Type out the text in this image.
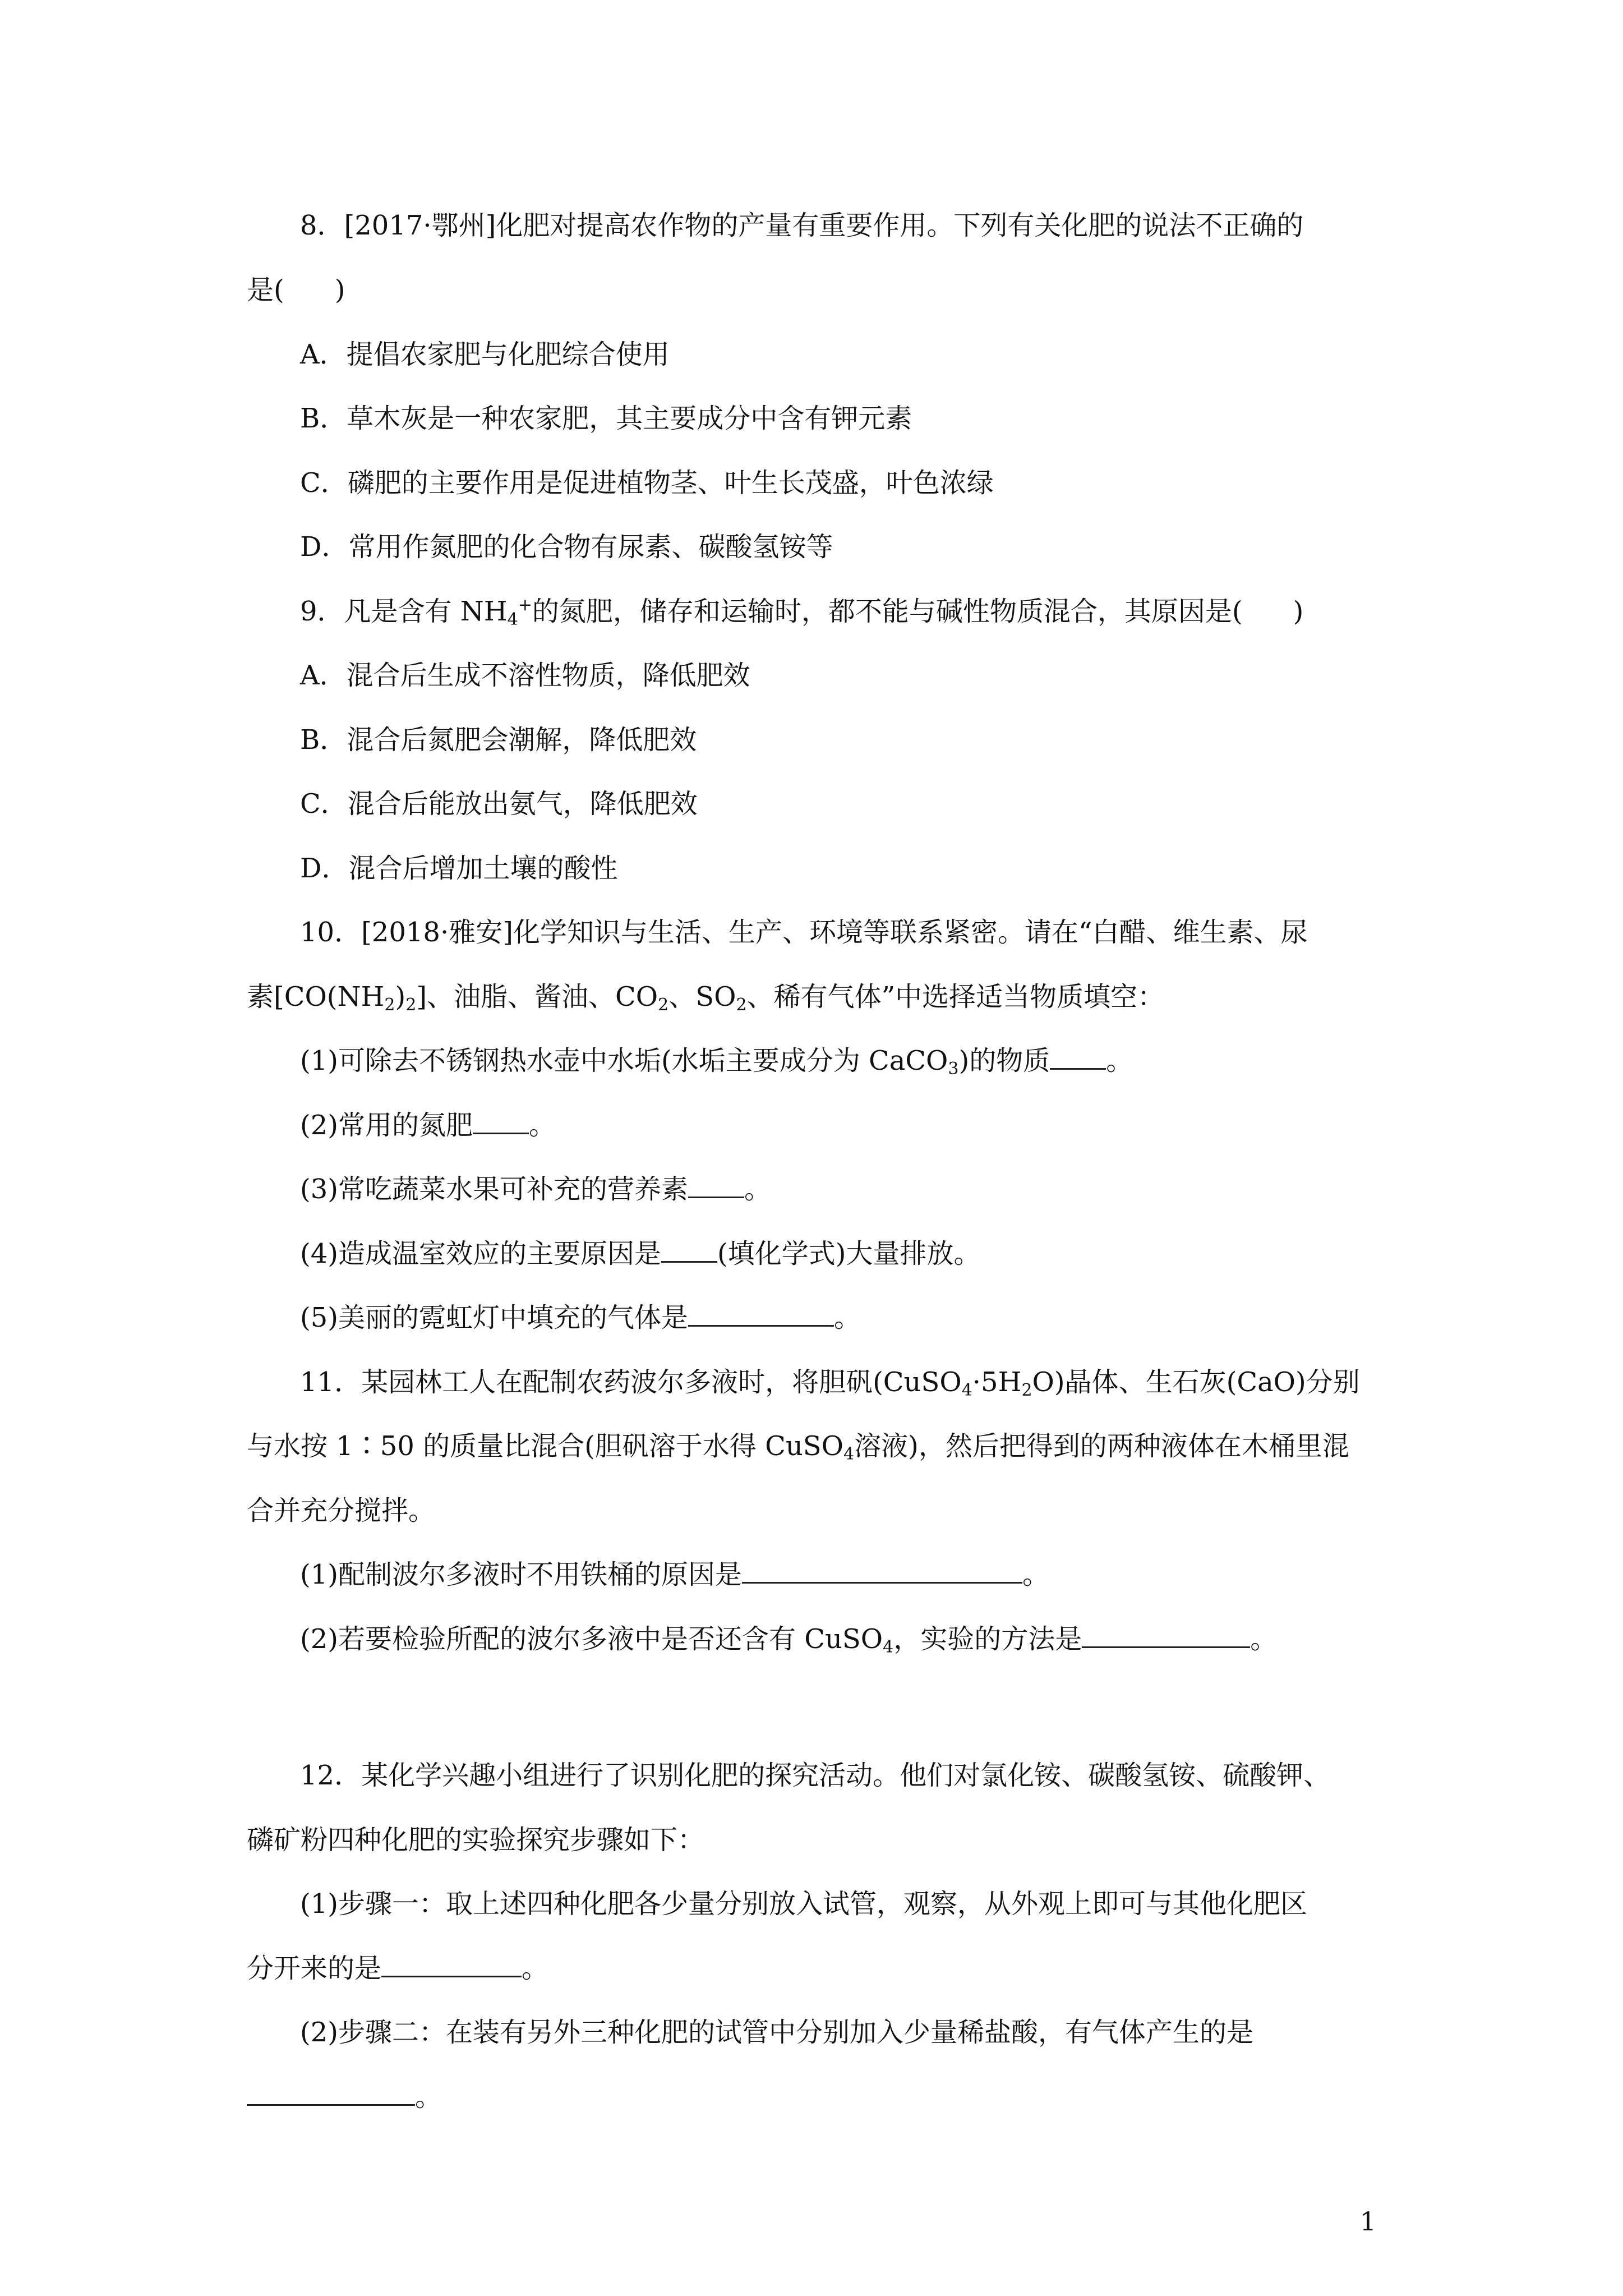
8．[2017·鄂州]化肥对提高农作物的产量有重要作用。下列有关化肥的说法不正确的
是( )
A．提倡农家肥与化肥综合使用
B．草木灰是一种农家肥，其主要成分中含有钾元素
C．磷肥的主要作用是促进植物茎、叶生长茂盛，叶色浓绿
D．常用作氮肥的化合物有尿素、碳酸氢铵等
9．凡是含有 $NH_4^+$的氮肥，储存和运输时，都不能与碱性物质混合，其原因是( )
A．混合后生成不溶性物质，降低肥效
B．混合后氮肥会潮解，降低肥效
C．混合后能放出氨气，降低肥效
D．混合后增加土壤的酸性
10．[2018·雅安]化学知识与生活、生产、环境等联系紧密。请在“白醋、维生素、尿
素$[CO(NH_2)_2]$、油脂、酱油、$CO_2$、$SO_2$、稀有气体”中选择适当物质填空：
(1)可除去不锈钢热水壶中水垢(水垢主要成分为 CaCO$_3$)的物质 。
(2)常用的氮肥 。
(3)常吃蔬菜水果可补充的营养素 。
(4)造成温室效应的主要原因是 (填化学式)大量排放。
(5)美丽的霓虹灯中填充的气体是	。
11．某园林工人在配制农药波尔多液时，将胆矾$(CuSO_4\cdot 5H_2O)$晶体、生石灰(CaO)分别
与水按 1∶50 的质量比混合(胆矾溶于水得 CuSO$_4$溶液)，然后把得到的两种液体在木桶里混
合并充分搅拌。
(1)配制波尔多液时不用铁桶的原因是	。
(2)若要检验所配的波尔多液中是否还含有 CuSO$_4$，实验的方法是	。
12．某化学兴趣小组进行了识别化肥的探究活动。他们对氯化铵、碳酸氢铵、硫酸钾、
磷矿粉四种化肥的实验探究步骤如下：
(1)步骤一：取上述四种化肥各少量分别放入试管，观察，从外观上即可与其他化肥区
分开来的是	。
(2)步骤二：在装有另外三种化肥的试管中分别加入少量稀盐酸，有气体产生的是
。
1
